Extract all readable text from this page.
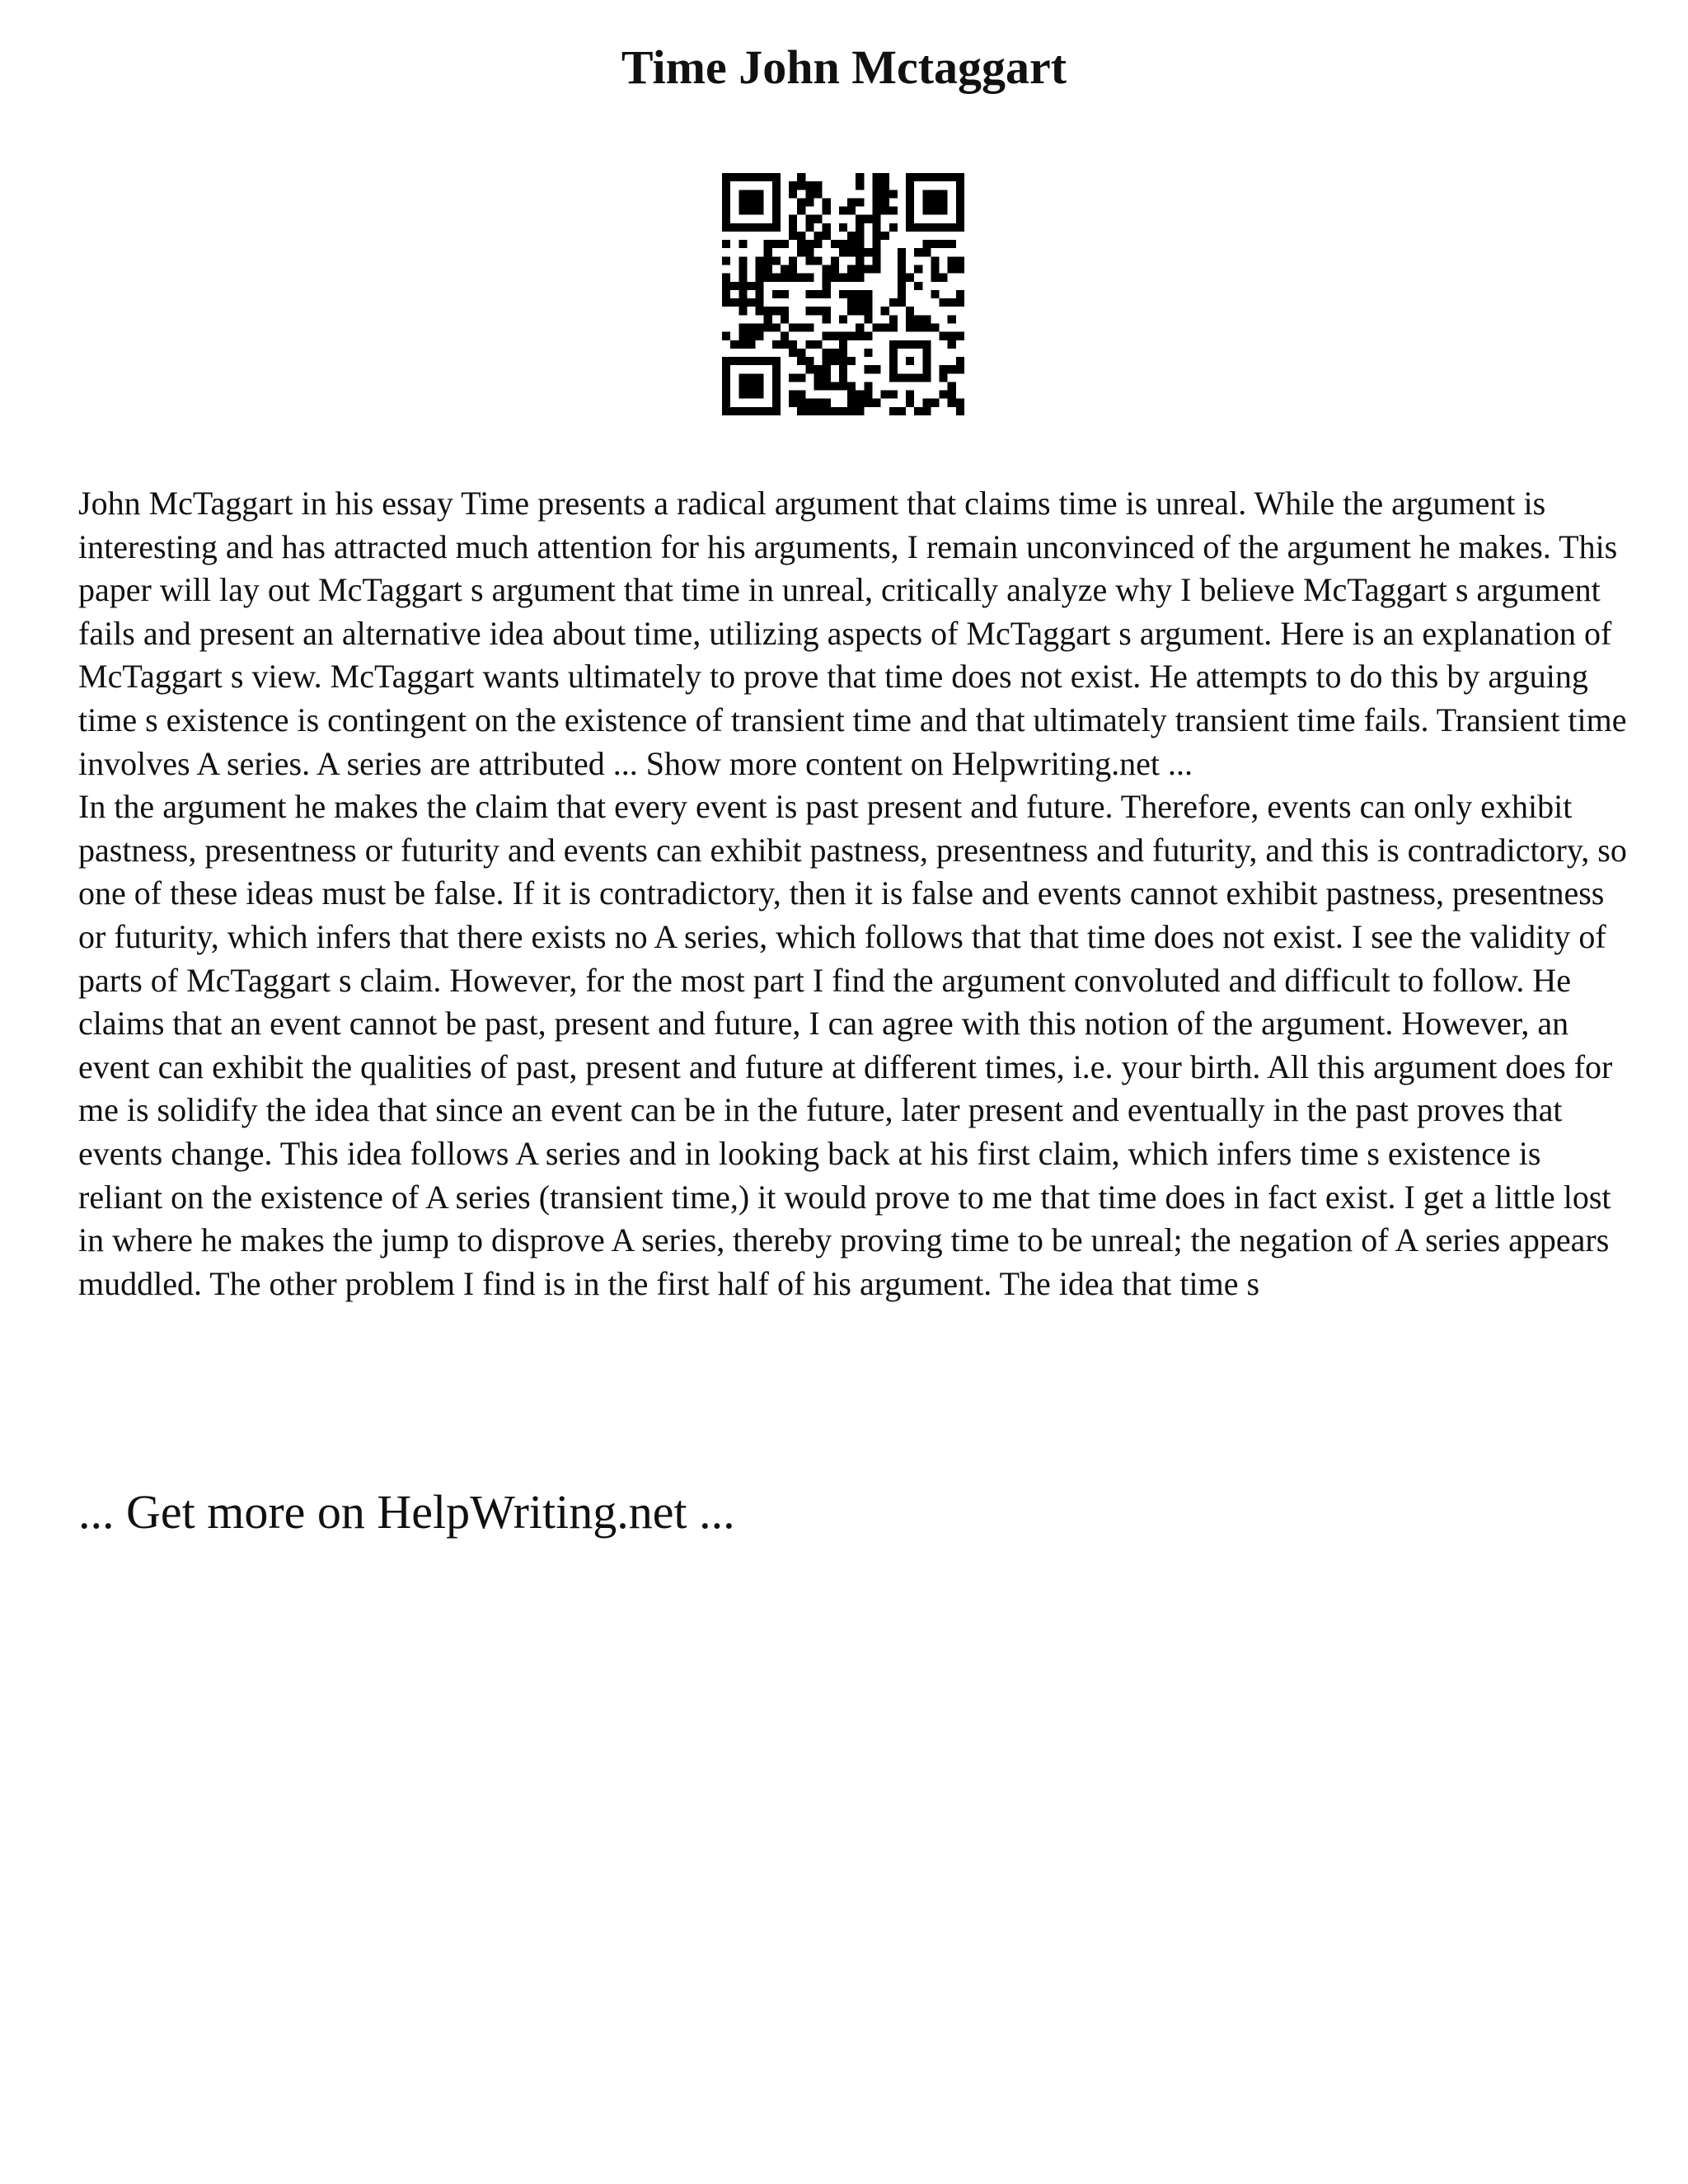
Time John Mctaggart

John McTaggart in his essay Time presents a radical argument that claims time is unreal. While the argument is interesting and has attracted much attention for his arguments, I remain unconvinced of the argument he makes. This paper will lay out McTaggart s argument that time in unreal, critically analyze why I believe McTaggart s argument fails and present an alternative idea about time, utilizing aspects of McTaggart s argument. Here is an explanation of McTaggart s view. McTaggart wants ultimately to prove that time does not exist. He attempts to do this by arguing time s existence is contingent on the existence of transient time and that ultimately transient time fails. Transient time involves A series. A series are attributed ... Show more content on Helpwriting.net ...

In the argument he makes the claim that every event is past present and future. Therefore, events can only exhibit pastness, presentness or futurity and events can exhibit pastness, presentness and futurity, and this is contradictory, so one of these ideas must be false. If it is contradictory, then it is false and events cannot exhibit pastness, presentness or futurity, which infers that there exists no A series, which follows that that time does not exist. I see the validity of parts of McTaggart s claim. However, for the most part I find the argument convoluted and difficult to follow. He claims that an event cannot be past, present and future, I can agree with this notion of the argument. However, an event can exhibit the qualities of past, present and future at different times, i.e. your birth. All this argument does for me is solidify the idea that since an event can be in the future, later present and eventually in the past proves that events change. This idea follows A series and in looking back at his first claim, which infers time s existence is reliant on the existence of A series (transient time,) it would prove to me that time does in fact exist. I get a little lost in where he makes the jump to disprove A series, thereby proving time to be unreal; the negation of A series appears muddled. The other problem I find is in the first half of his argument. The idea that time s

... Get more on HelpWriting.net ...
